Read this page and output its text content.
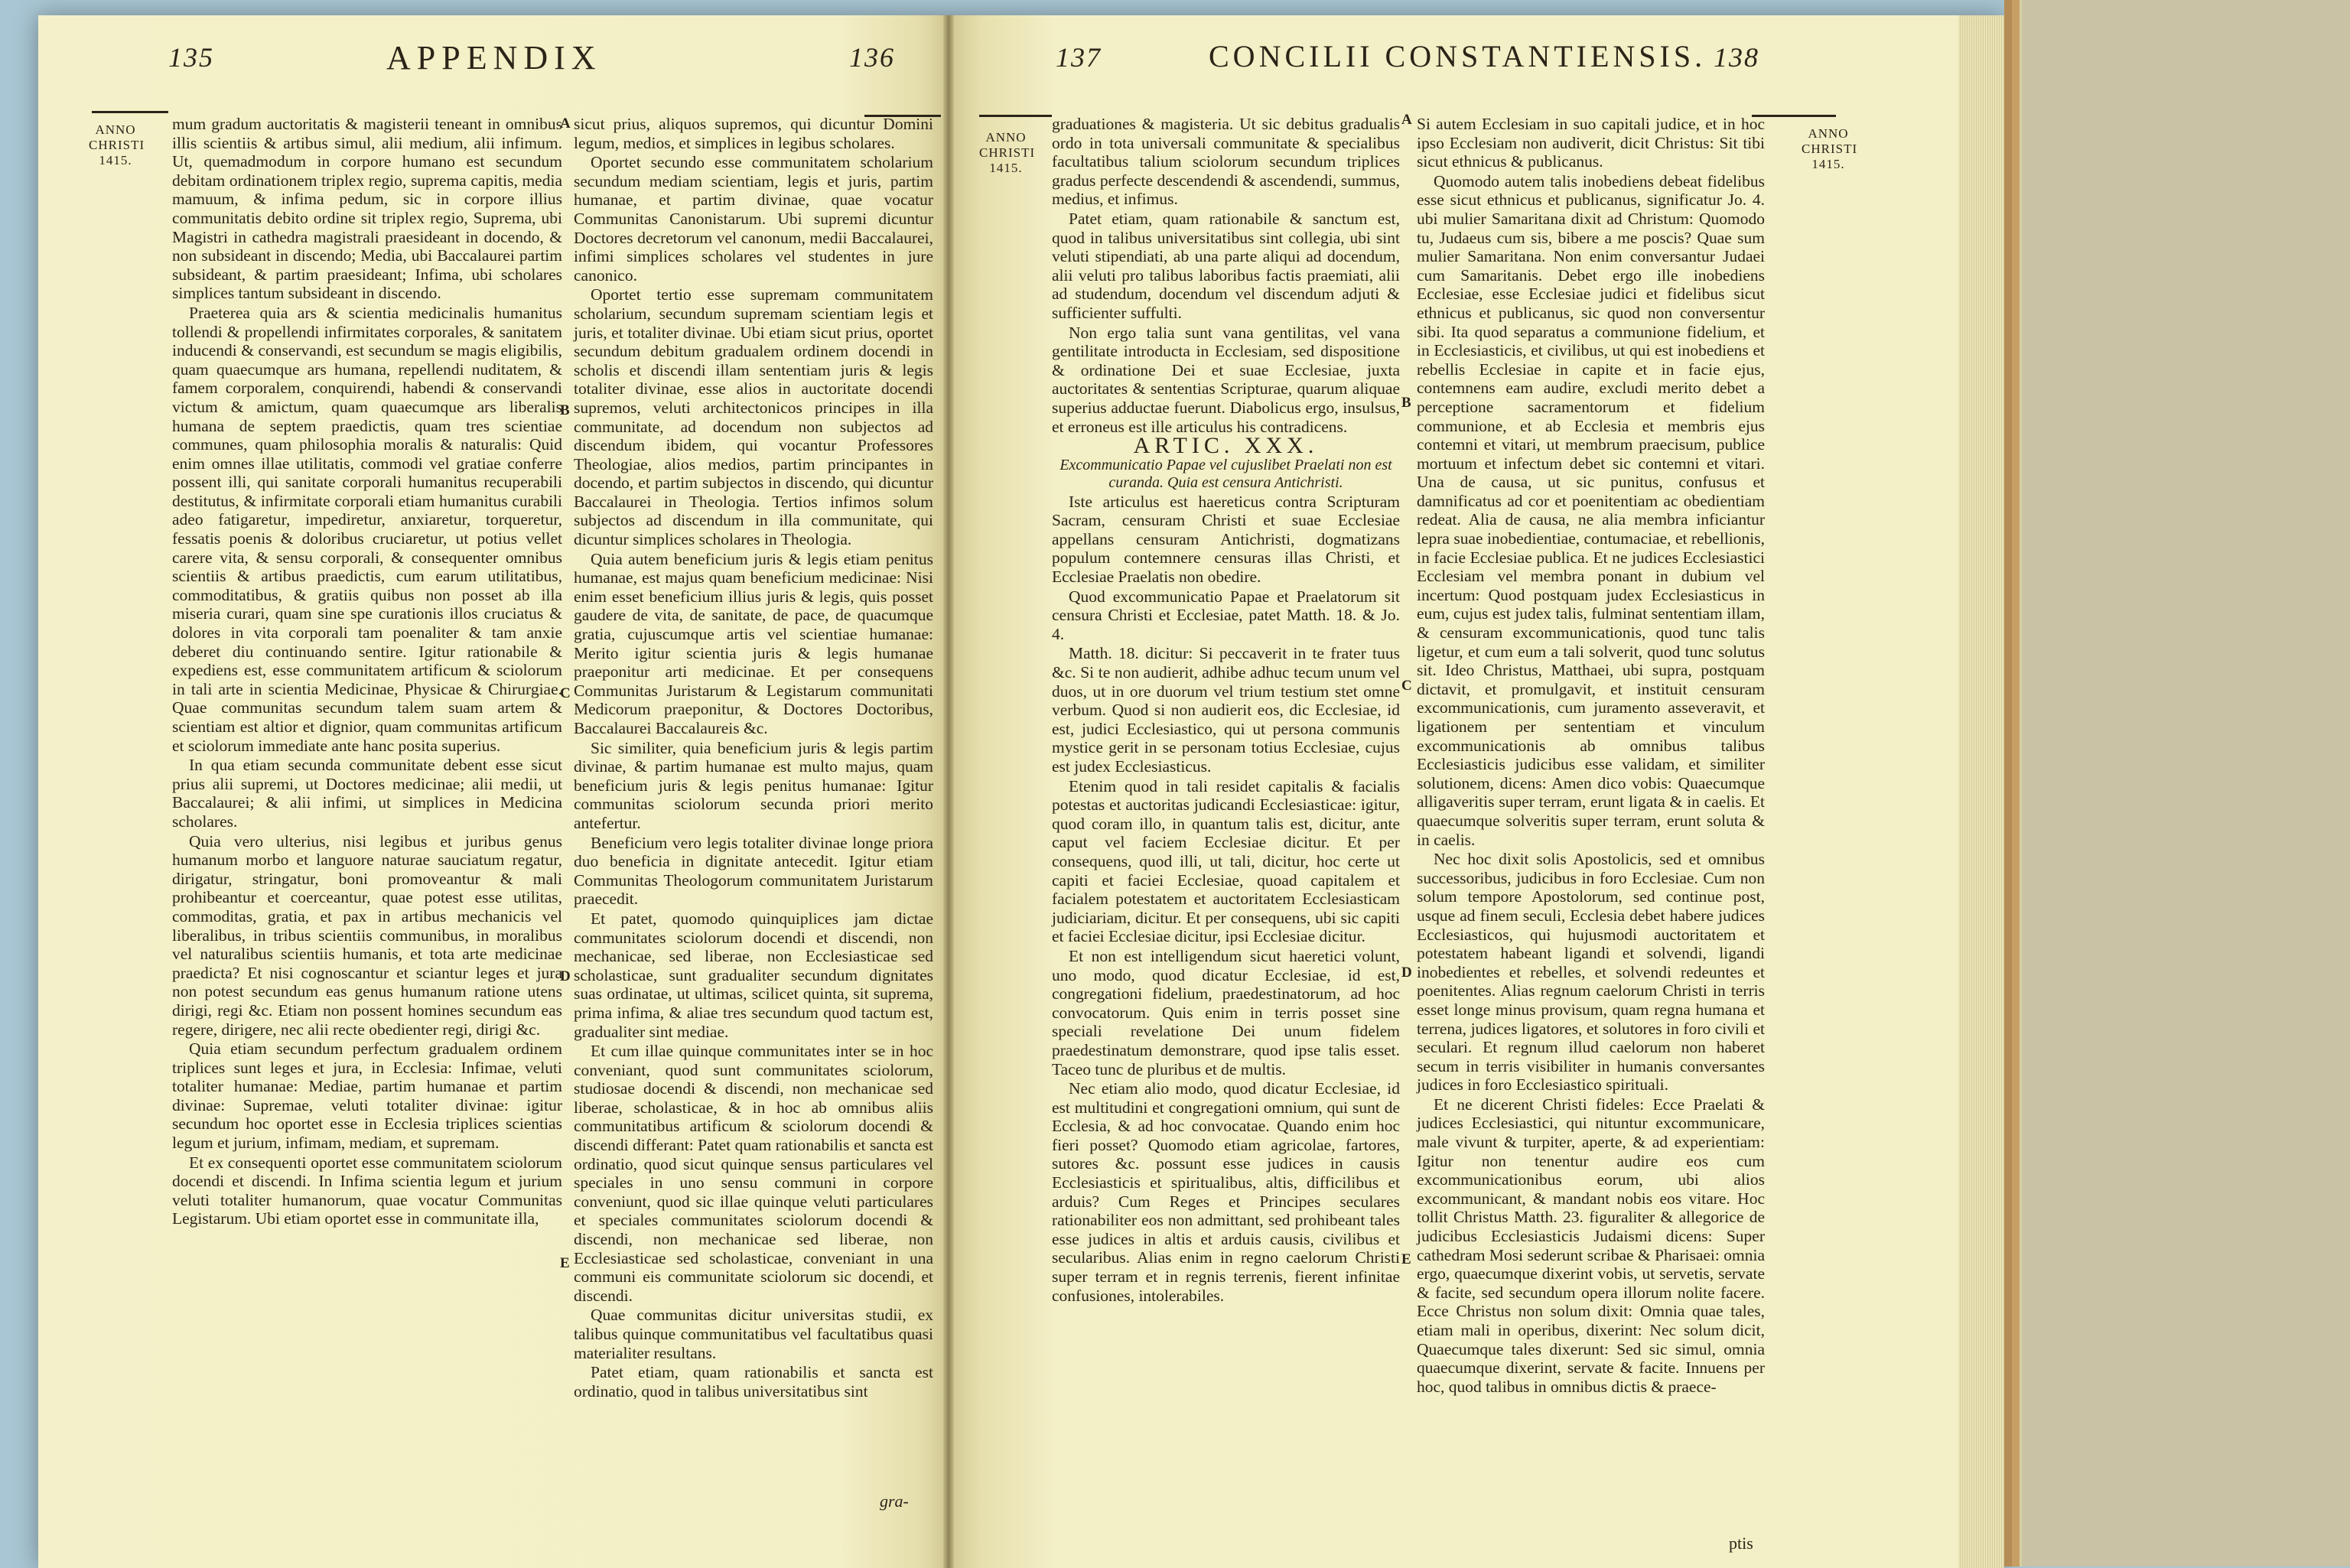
135	APPENDIX	136
ANNO
CHRISTI
1415.

mum gradum auctoritatis & magisterii teneant in omnibus illis scientiis & artibus simul, alii medium, alii infimum. Ut, quemadmodum in corpore humano est secundum debitam ordinationem triplex regio, suprema capitis, media mamuum, & infima pedum, sic in corpore illius communitatis debito ordine sit triplex regio, Suprema, ubi Magistri in cathedra magistrali praesideant in docendo, & non subsideant in discendo; Media, ubi Baccalaurei partim subsideant, & partim praesideant; Infima, ubi scholares simplices tantum subsideant in discendo.

Praeterea quia ars & scientia medicinalis humanitus tollendi & propellendi infirmitates corporales, & sanitatem inducendi & conservandi, est secundum se magis eligibilis, quam quaecumque ars humana, repellendi nuditatem, & famem corporalem, conquirendi, habendi & conservandi victum & amictum, quam quaecumque ars liberalis humana de septem praedictis, quam tres scientiae communes, quam philosophia moralis & naturalis: Quid enim omnes illae utilitatis, commodi vel gratiae conferre possent illi, qui sanitate corporali humanitus recuperabili destitutus, & infirmitate corporali etiam humanitus curabili adeo fatigaretur, impediretur, anxiaretur, torqueretur, fessatis poenis & doloribus cruciaretur, ut potius vellet carere vita, & sensu corporali, & consequenter omnibus scientiis & artibus praedictis, cum earum utilitatibus, commoditatibus, & gratiis quibus non posset ab illa miseria curari, quam sine spe curationis illos cruciatus & dolores in vita corporali tam poenaliter & tam anxie deberet diu continuando sentire. Igitur rationabile & expediens est, esse communitatem artificum & sciolorum in tali arte in scientia Medicinae, Physicae & Chirurgiae. Quae communitas secundum talem suam artem & scientiam est altior et dignior, quam communitas artificum et sciolorum immediate ante hanc posita superius.

In qua etiam secunda communitate debent esse sicut prius alii supremi, ut Doctores medicinae; alii medii, ut Baccalaurei; & alii infimi, ut simplices in Medicina scholares.

Quia vero ulterius, nisi legibus et juribus genus humanum morbo et languore naturae sauciatum regatur, dirigatur, stringatur, boni promoveantur & mali prohibeantur et coerceantur, quae potest esse utilitas, commoditas, gratia, et pax in artibus mechanicis vel liberalibus, in tribus scientiis communibus, in moralibus vel naturalibus scientiis humanis, et tota arte medicinae praedicta? Et nisi cognoscantur et sciantur leges et jura non potest secundum eas genus humanum ratione utens dirigi, regi &c. Etiam non possent homines secundum eas regere, dirigere, nec alii recte obedienter regi, dirigi &c.

Quia etiam secundum perfectum gradualem ordinem triplices sunt leges et jura, in Ecclesia: Infimae, veluti totaliter humanae: Mediae, partim humanae et partim divinae: Supremae, veluti totaliter divinae: igitur secundum hoc oportet esse in Ecclesia triplices scientias legum et jurium, infimam, mediam, et supremam.

Et ex consequenti oportet esse communitatem sciolorum docendi et discendi. In Infima scientia legum et jurium veluti totaliter humanorum, quae vocatur Communitas Legistarum. Ubi etiam oportet esse in communitate illa,

sicut prius, aliquos supremos, qui dicuntur Domini legum, medios, et simplices in legibus scholares.

Oportet secundo esse communitatem scholarium secundum mediam scientiam, legis et juris, partim humanae, et partim divinae, quae vocatur Communitas Canonistarum. Ubi supremi dicuntur Doctores decretorum vel canonum, medii Baccalaurei, infimi simplices scholares vel studentes in jure canonico.

Oportet tertio esse supremam communitatem scholarium, secundum supremam scientiam legis et juris, et totaliter divinae. Ubi etiam sicut prius, oportet secundum debitum gradualem ordinem docendi in scholis et discendi illam sententiam juris & legis totaliter divinae, esse alios in auctoritate docendi supremos, veluti architectonicos principes in illa communitate, ad docendum non subjectos ad discendum ibidem, qui vocantur Professores Theologiae, alios medios, partim principantes in docendo, et partim subjectos in discendo, qui dicuntur Baccalaurei in Theologia. Tertios infimos solum subjectos ad discendum in illa communitate, qui dicuntur simplices scholares in Theologia.

Quia autem beneficium juris & legis etiam penitus humanae, est majus quam beneficium medicinae: Nisi enim esset beneficium illius juris & legis, quis posset gaudere de vita, de sanitate, de pace, de quacumque gratia, cujuscumque artis vel scientiae humanae: Merito igitur scientia juris & legis humanae praeponitur arti medicinae. Et per consequens Communitas Juristarum & Legistarum communitati Medicorum praeponitur, & Doctores Doctoribus, Baccalaurei Baccalaureis &c.

Sic similiter, quia beneficium juris & legis partim divinae, & partim humanae est multo majus, quam beneficium juris & legis penitus humanae: Igitur communitas sciolorum secunda priori merito antefertur.

Beneficium vero legis totaliter divinae longe priora duo beneficia in dignitate antecedit. Igitur etiam Communitas Theologorum communitatem Juristarum praecedit.

Et patet, quomodo quinquiplices jam dictae communitates sciolorum docendi et discendi, non mechanicae, sed liberae, non Ecclesiasticae sed scholasticae, sunt gradualiter secundum dignitates suas ordinatae, ut ultimas, scilicet quinta, sit suprema, prima infima, & aliae tres secundum quod tactum est, gradualiter sint mediae.

Et cum illae quinque communitates inter se in hoc conveniant, quod sunt communitates sciolorum, studiosae docendi & discendi, non mechanicae sed liberae, scholasticae, & in hoc ab omnibus aliis communitatibus artificum & sciolorum docendi & discendi differant: Patet quam rationabilis et sancta est ordinatio, quod sicut quinque sensus particulares vel speciales in uno sensu communi in corpore conveniunt, quod sic illae quinque veluti particulares et speciales communitates sciolorum docendi & discendi, non mechanicae sed liberae, non Ecclesiasticae sed scholasticae, conveniant in una communi eis communitate sciolorum sic docendi, et discendi.

Quae communitas dicitur universitas studii, ex talibus quinque communitatibus vel facultatibus quasi materialiter resultans.

Patet etiam, quam rationabilis et sancta est ordinatio, quod in talibus universitatibus sint

A
B
C
D
E
gra-
137	CONCILII CONSTANTIENSIS. 138
ANNO
CHRISTI
1415.
ANNO
CHRISTI
1415.

graduationes & magisteria. Ut sic debitus gradualis ordo in tota universali communitate & specialibus facultatibus talium sciolorum secundum triplices gradus perfecte descendendi & ascendendi, summus, medius, et infimus.

Patet etiam, quam rationabile & sanctum est, quod in talibus universitatibus sint collegia, ubi sint veluti stipendiati, ab una parte aliqui ad docendum, alii veluti pro talibus laboribus factis praemiati, alii ad studendum, docendum vel discendum adjuti & sufficienter suffulti.

Non ergo talia sunt vana gentilitas, vel vana gentilitate introducta in Ecclesiam, sed dispositione & ordinatione Dei et suae Ecclesiae, juxta auctoritates & sententias Scripturae, quarum aliquae superius adductae fuerunt. Diabolicus ergo, insulsus, et erroneus est ille articulus his contradicens.

ARTIC. XXX.

Excommunicatio Papae vel cujuslibet Praelati non est curanda. Quia est censura Antichristi.

Iste articulus est haereticus contra Scripturam Sacram, censuram Christi et suae Ecclesiae appellans censuram Antichristi, dogmatizans populum contemnere censuras illas Christi, et Ecclesiae Praelatis non obedire.

Quod excommunicatio Papae et Praelatorum sit censura Christi et Ecclesiae, patet Matth. 18. & Jo. 4.

Matth. 18. dicitur: Si peccaverit in te frater tuus &c. Si te non audierit, adhibe adhuc tecum unum vel duos, ut in ore duorum vel trium testium stet omne verbum. Quod si non audierit eos, dic Ecclesiae, id est, judici Ecclesiastico, qui ut persona communis mystice gerit in se personam totius Ecclesiae, cujus est judex Ecclesiasticus.

Etenim quod in tali residet capitalis & facialis potestas et auctoritas judicandi Ecclesiasticae: igitur, quod coram illo, in quantum talis est, dicitur, ante caput vel faciem Ecclesiae dicitur. Et per consequens, quod illi, ut tali, dicitur, hoc certe ut capiti et faciei Ecclesiae, quoad capitalem et facialem potestatem et auctoritatem Ecclesiasticam judiciariam, dicitur. Et per consequens, ubi sic capiti et faciei Ecclesiae dicitur, ipsi Ecclesiae dicitur.

Et non est intelligendum sicut haeretici volunt, uno modo, quod dicatur Ecclesiae, id est, congregationi fidelium, praedestinatorum, ad hoc convocatorum. Quis enim in terris posset sine speciali revelatione Dei unum fidelem praedestinatum demonstrare, quod ipse talis esset. Taceo tunc de pluribus et de multis.

Nec etiam alio modo, quod dicatur Ecclesiae, id est multitudini et congregationi omnium, qui sunt de Ecclesia, & ad hoc convocatae. Quando enim hoc fieri posset? Quomodo etiam agricolae, fartores, sutores &c. possunt esse judices in causis Ecclesiasticis et spiritualibus, altis, difficilibus et arduis? Cum Reges et Principes seculares rationabiliter eos non admittant, sed prohibeant tales esse judices in altis et arduis causis, civilibus et secularibus. Alias enim in regno caelorum Christi super terram et in regnis terrenis, fierent infinitae confusiones, intolerabiles.

Si autem Ecclesiam in suo capitali judice, et in hoc ipso Ecclesiam non audiverit, dicit Christus: Sit tibi sicut ethnicus & publicanus.

Quomodo autem talis inobediens debeat fidelibus esse sicut ethnicus et publicanus, significatur Jo. 4. ubi mulier Samaritana dixit ad Christum: Quomodo tu, Judaeus cum sis, bibere a me poscis? Quae sum mulier Samaritana. Non enim conversantur Judaei cum Samaritanis. Debet ergo ille inobediens Ecclesiae, esse Ecclesiae judici et fidelibus sicut ethnicus et publicanus, sic quod non conversentur sibi. Ita quod separatus a communione fidelium, et in Ecclesiasticis, et civilibus, ut qui est inobediens et rebellis Ecclesiae in capite et in facie ejus, contemnens eam audire, excludi merito debet a perceptione sacramentorum et fidelium communione, et ab Ecclesia et membris ejus contemni et vitari, ut membrum praecisum, publice mortuum et infectum debet sic contemni et vitari. Una de causa, ut sic punitus, confusus et damnificatus ad cor et poenitentiam ac obedientiam redeat. Alia de causa, ne alia membra inficiantur lepra suae inobedientiae, contumaciae, et rebellionis, in facie Ecclesiae publica. Et ne judices Ecclesiastici Ecclesiam vel membra ponant in dubium vel incertum: Quod postquam judex Ecclesiasticus in eum, cujus est judex talis, fulminat sententiam illam, & censuram excommunicationis, quod tunc talis ligetur, et cum eum a tali solverit, quod tunc solutus sit. Ideo Christus, Matthaei, ubi supra, postquam dictavit, et promulgavit, et instituit censuram excommunicationis, cum juramento asseveravit, et ligationem per sententiam et vinculum excommunicationis ab omnibus talibus Ecclesiasticis judicibus esse validam, et similiter solutionem, dicens: Amen dico vobis: Quaecumque alligaveritis super terram, erunt ligata & in caelis. Et quaecumque solveritis super terram, erunt soluta & in caelis.

Nec hoc dixit solis Apostolicis, sed et omnibus successoribus, judicibus in foro Ecclesiae. Cum non solum tempore Apostolorum, sed continue post, usque ad finem seculi, Ecclesia debet habere judices Ecclesiasticos, qui hujusmodi auctoritatem et potestatem habeant ligandi et solvendi, ligandi inobedientes et rebelles, et solvendi redeuntes et poenitentes. Alias regnum caelorum Christi in terris esset longe minus provisum, quam regna humana et terrena, judices ligatores, et solutores in foro civili et seculari. Et regnum illud caelorum non haberet secum in terris visibiliter in humanis conversantes judices in foro Ecclesiastico spirituali.

Et ne dicerent Christi fideles: Ecce Praelati & judices Ecclesiastici, qui nituntur excommunicare, male vivunt & turpiter, aperte, & ad experientiam: Igitur non tenentur audire eos cum excommunicationibus eorum, ubi alios excommunicant, & mandant nobis eos vitare. Hoc tollit Christus Matth. 23. figuraliter & allegorice de judicibus Ecclesiasticis Judaismi dicens: Super cathedram Mosi sederunt scribae & Pharisaei: omnia ergo, quaecumque dixerint vobis, ut servetis, servate & facite, sed secundum opera illorum nolite facere. Ecce Christus non solum dixit: Omnia quae tales, etiam mali in operibus, dixerint: Nec solum dicit, Quaecumque tales dixerunt: Sed sic simul, omnia quaecumque dixerint, servate & facite. Innuens per hoc, quod talibus in omnibus dictis & praece-

A
B
C
D
E
ptis
